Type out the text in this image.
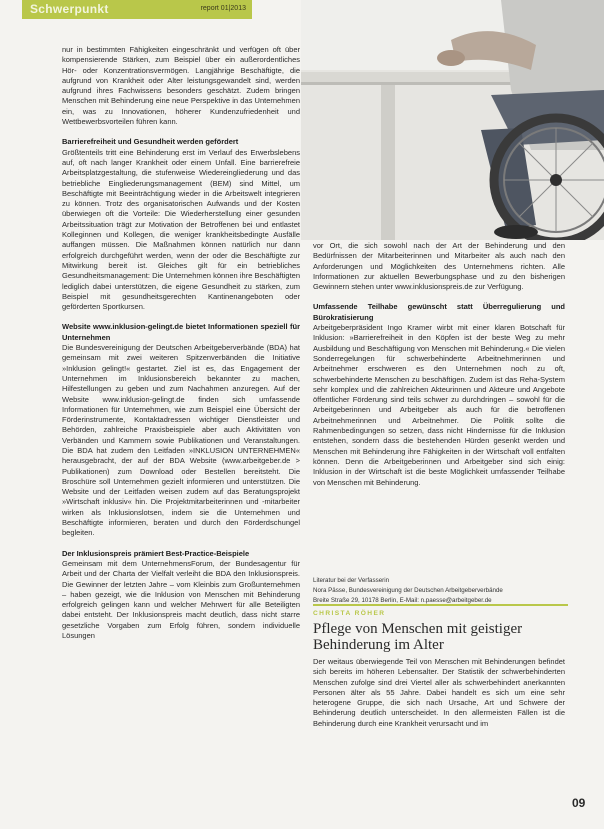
Schwerpunkt	report 01|2013

nur in bestimmten Fähigkeiten eingeschränkt und verfügen oft über kompensierende Stärken, zum Beispiel über ein außerordentliches Hör- oder Konzentrationsvermögen. Langjährige Beschäftigte, die aufgrund von Krankheit oder Alter leistungsgewandelt sind, werden aufgrund ihres Fachwissens besonders geschätzt. Zudem bringen Menschen mit Behinderung eine neue Perspektive in das Unternehmen ein, was zu Innovationen, höherer Kundenzufriedenheit und Wettbewerbsvorteilen führen kann.

Barrierefreiheit und Gesundheit werden gefördert

Größtenteils tritt eine Behinderung erst im Verlauf des Erwerbslebens auf, oft nach langer Krankheit oder einem Unfall. Eine barrierefreie Arbeitsplatzgestaltung, die stufenweise Wiedereingliederung und das betriebliche Eingliederungsmanagement (BEM) sind Mittel, um Beschäftigte mit Beeinträchtigung wieder in die Arbeitswelt integrieren zu können. Trotz des organisatorischen Aufwands und der Kosten überwiegen oft die Vorteile: Die Wiederherstellung einer gesunden Arbeitssituation trägt zur Motivation der Betroffenen bei und entlastet Kolleginnen und Kollegen, die weniger krankheitsbedingte Ausfälle auffangen müssen. Die Maßnahmen können natürlich nur dann erfolgreich durchgeführt werden, wenn der oder die Beschäftigte zur Mitwirkung bereit ist. Gleiches gilt für ein betriebliches Gesundheitsmanagement: Die Unternehmen können ihre Beschäftigten lediglich dabei unterstützen, die eigene Gesundheit zu stärken, zum Beispiel mit gesundheitsgerechten Kantinenangeboten oder geförderten Sportkursen.

Website www.inklusion-gelingt.de bietet Informationen speziell für Unternehmen

Die Bundesvereinigung der Deutschen Arbeitgeberverbände (BDA) hat gemeinsam mit zwei weiteren Spitzenverbänden die Initiative »Inklusion gelingt!« gestartet. Ziel ist es, das Engagement der Unternehmen im Inklusionsbereich bekannter zu machen, Hilfestellungen zu geben und zum Nachahmen anzuregen. Auf der Website www.inklusion-gelingt.de finden sich umfassende Informationen für Unternehmen, wie zum Beispiel eine Übersicht der Förderinstrumente, Kontaktadressen wichtiger Dienstleister und Behörden, zahlreiche Praxisbeispiele aber auch Aktivitäten von Verbänden und Kammern sowie Publikationen und Veranstaltungen. Die BDA hat zudem den Leitfaden »INKLUSION UNTERNEHMEN« herausgebracht, der auf der BDA Website (www.arbeitgeber.de > Publikationen) zum Download oder Bestellen bereitsteht. Die Broschüre soll Unternehmen gezielt informieren und unterstützen. Die Website und der Leitfaden weisen zudem auf das Beratungsprojekt »Wirtschaft inklusiv« hin. Die Projektmitarbeiterinnen und -mitarbeiter wirken als Inklusionslotsen, indem sie die Unternehmen und Beschäftigte informieren, beraten und durch den Förderdschungel begleiten.

Der Inklusionspreis prämiert Best-Practice-Beispiele

Gemeinsam mit dem UnternehmensForum, der Bundesagentur für Arbeit und der Charta der Vielfalt verleiht die BDA den Inklusionspreis. Die Gewinner der letzten Jahre – vom Kleinbis zum Großunternehmen – haben gezeigt, wie die Inklusion von Menschen mit Behinderung erfolgreich gelingen kann und welcher Mehrwert für alle Beteiligten dabei entsteht. Der Inklusionspreis macht deutlich, dass nicht starre gesetzliche Vorgaben zum Erfolg führen, sondern individuelle Lösungen

vor Ort, die sich sowohl nach der Art der Behinderung und den Bedürfnissen der Mitarbeiterinnen und Mitarbeiter als auch nach den Anforderungen und Möglichkeiten des Unternehmens richten. Alle Informationen zur aktuellen Bewerbungsphase und zu den bisherigen Gewinnern stehen unter www.inklusionspreis.de zur Verfügung.

Umfassende Teilhabe gewünscht statt Überregulierung und Bürokratisierung

Arbeitgeberpräsident Ingo Kramer wirbt mit einer klaren Botschaft für Inklusion: »Barrierefreiheit in den Köpfen ist der beste Weg zu mehr Ausbildung und Beschäftigung von Menschen mit Behinderung.« Die vielen Sonderregelungen für schwerbehinderte Arbeitnehmerinnen und Arbeitnehmer erschweren es den Unternehmen noch zu oft, schwerbehinderte Menschen zu beschäftigen. Zudem ist das Reha-System sehr komplex und die zahlreichen Akteurinnen und Akteure und Angebote öffentlicher Förderung sind teils schwer zu durchdringen – sowohl für die Arbeitgeberinnen und Arbeitgeber als auch für die betroffenen Arbeitnehmerinnen und Arbeitnehmer. Die Politik sollte die Rahmenbedingungen so setzen, dass nicht Hindernisse für die Inklusion entstehen, sondern dass die bestehenden Hürden gesenkt werden und Menschen mit Behinderung ihre Fähigkeiten in der Wirtschaft voll entfalten können. Denn die Arbeitgeberinnen und Arbeitgeber sind sich einig: Inklusion in der Wirtschaft ist die beste Möglichkeit umfassender Teilhabe von Menschen mit Behinderung.

Literatur bei der Verfasserin
Nora Pässe, Bundesvereinigung der Deutschen Arbeitgeberverbände
Breite Straße 29, 10178 Berlin, E-Mail: n.paesse@arbeitgeber.de
CHRISTA RÖHER
Pflege von Menschen mit geistiger Behinderung im Alter

Der weitaus überwiegende Teil von Menschen mit Behinderungen befindet sich bereits im höheren Lebensalter. Der Statistik der schwerbehinderten Menschen zufolge sind drei Viertel aller als schwerbehindert anerkannten Personen älter als 55 Jahre. Dabei handelt es sich um eine sehr heterogene Gruppe, die sich nach Ursache, Art und Schwere der Behinderung deutlich unterscheidet. In den allermeisten Fällen ist die Behinderung durch eine Krankheit verursacht und im

09
